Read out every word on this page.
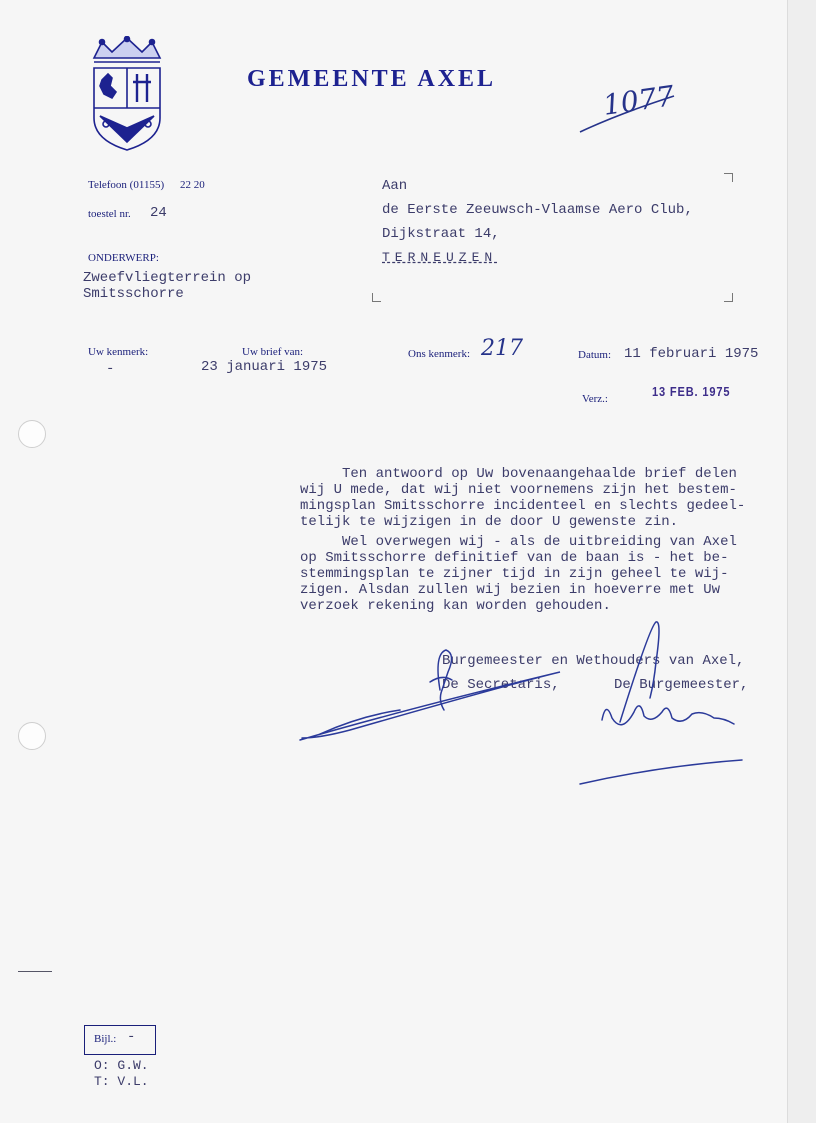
GEMEENTE AXEL
1077
Telefoon (01155) 22 20
toestel nr. 24
ONDERWERP:
Zweefvliegterrein op
Smitsschorre
Aan
de Eerste Zeeuwsch-Vlaamse Aero Club,
Dijkstraat 14,
TERNEUZEN
Uw kenmerk:
-
Uw brief van:
23 januari 1975
Ons kenmerk: 217	Datum: 11 februari 1975
Verz.:	13 FEB. 1975
Ten antwoord op Uw bovenaangehaalde brief delen
wij U mede, dat wij niet voornemens zijn het bestem-
mingsplan Smitsschorre incidenteel en slechts gedeel-
telijk te wijzigen in de door U gewenste zin.
Wel overwegen wij - als de uitbreiding van Axel
op Smitsschorre definitief van de baan is - het be-
stemmingsplan te zijner tijd in zijn geheel te wij-
zigen. Alsdan zullen wij bezien in hoeverre met Uw
verzoek rekening kan worden gehouden.
Burgemeester en Wethouders van Axel,
De Secretaris,	De Burgemeester,
Bijl.: -
O: G.W.
T: V.L.
